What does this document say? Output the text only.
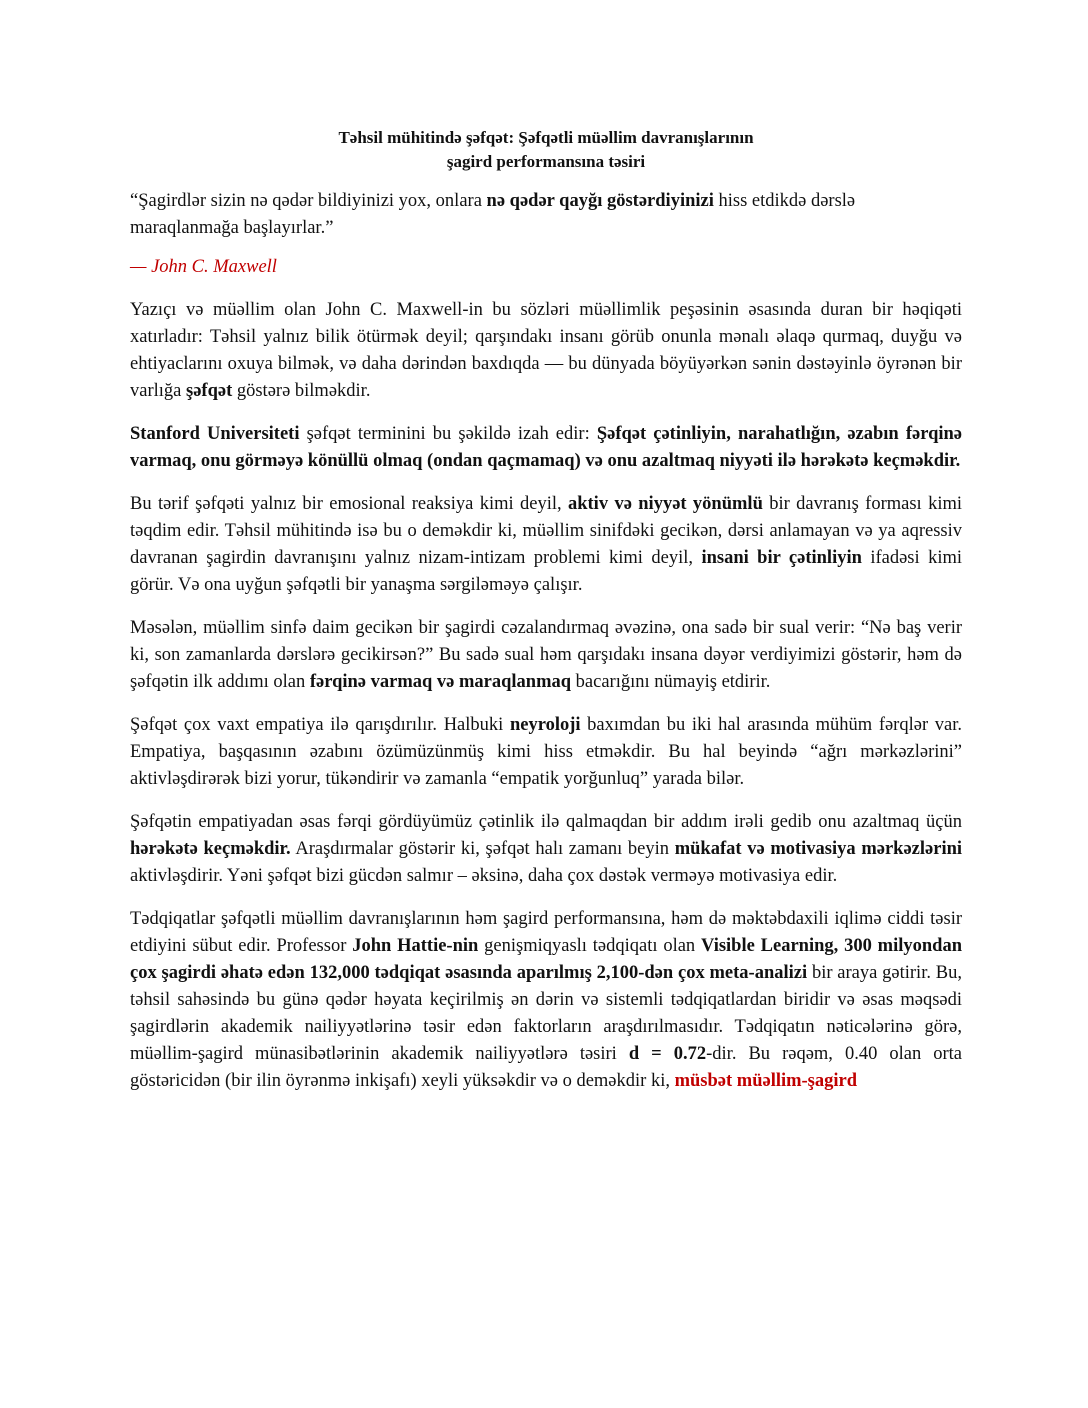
Təhsil mühitində şəfqət: Şəfqətli müəllim davranışlarının
şagird performansına təsiri

“Şagirdlər sizin nə qədər bildiyinizi yox, onlara nə qədər qayğı göstərdiyinizi hiss etdikdə dərslə maraqlanmağa başlayırlar.”

— John C. Maxwell

Yazıçı və müəllim olan John C. Maxwell-in bu sözləri müəllimlik peşəsinin əsasında duran bir həqiqəti xatırladır: Təhsil yalnız bilik ötürmək deyil; qarşındakı insanı görüb onunla mənalı əlaqə qurmaq, duyğu və ehtiyaclarını oxuya bilmək, və daha dərindən baxdıqda — bu dünyada böyüyərkən sənin dəstəyinlə öyrənən bir varlığa şəfqət göstərə bilməkdir.

Stanford Universiteti şəfqət terminini bu şəkildə izah edir: Şəfqət çətinliyin, narahatlığın, əzabın fərqinə varmaq, onu görməyə könüllü olmaq (ondan qaçmamaq) və onu azaltmaq niyyəti ilə hərəkətə keçməkdir.

Bu tərif şəfqəti yalnız bir emosional reaksiya kimi deyil, aktiv və niyyət yönümlü bir davranış forması kimi təqdim edir. Təhsil mühitində isə bu o deməkdir ki, müəllim sinifdəki gecikən, dərsi anlamayan və ya aqressiv davranan şagirdin davranışını yalnız nizam-intizam problemi kimi deyil, insani bir çətinliyin ifadəsi kimi görür. Və ona uyğun şəfqətli bir yanaşma sərgiləməyə çalışır.

Məsələn, müəllim sinfə daim gecikən bir şagirdi cəzalandırmaq əvəzinə, ona sadə bir sual verir: “Nə baş verir ki, son zamanlarda dərslərə gecikirsən?” Bu sadə sual həm qarşıdakı insana dəyər verdiyimizi göstərir, həm də şəfqətin ilk addımı olan fərqinə varmaq və maraqlanmaq bacarığını nümayiş etdirir.

Şəfqət çox vaxt empatiya ilə qarışdırılır. Halbuki neyroloji baxımdan bu iki hal arasında mühüm fərqlər var. Empatiya, başqasının əzabını özümüzünmüş kimi hiss etməkdir. Bu hal beyində “ağrı mərkəzlərini” aktivləşdirərək bizi yorur, tükəndirir və zamanla “empatik yorğunluq” yarada bilər.

Şəfqətin empatiyadan əsas fərqi gördüyümüz çətinlik ilə qalmaqdan bir addım irəli gedib onu azaltmaq üçün hərəkətə keçməkdir. Araşdırmalar göstərir ki, şəfqət halı zamanı beyin mükafat və motivasiya mərkəzlərini aktivləşdirir. Yəni şəfqət bizi gücdən salmır – əksinə, daha çox dəstək verməyə motivasiya edir.

Tədqiqatlar şəfqətli müəllim davranışlarının həm şagird performansına, həm də məktəbdaxili iqlimə ciddi təsir etdiyini sübut edir. Professor John Hattie-nin genişmiqyaslı tədqiqatı olan Visible Learning, 300 milyondan çox şagirdi əhatə edən 132,000 tədqiqat əsasında aparılmış 2,100-dən çox meta-analizi bir araya gətirir. Bu, təhsil sahəsində bu günə qədər həyata keçirilmiş ən dərin və sistemli tədqiqatlardan biridir və əsas məqsədi şagirdlərin akademik nailiyyətlərinə təsir edən faktorların araşdırılmasıdır. Tədqiqatın nəticələrinə görə, müəllim-şagird münasibətlərinin akademik nailiyyətlərə təsiri d = 0.72-dir. Bu rəqəm, 0.40 olan orta göstəricidən (bir ilin öyrənmə inkişafı) xeyli yüksəkdir və o deməkdir ki, müsbət müəllim-şagird
